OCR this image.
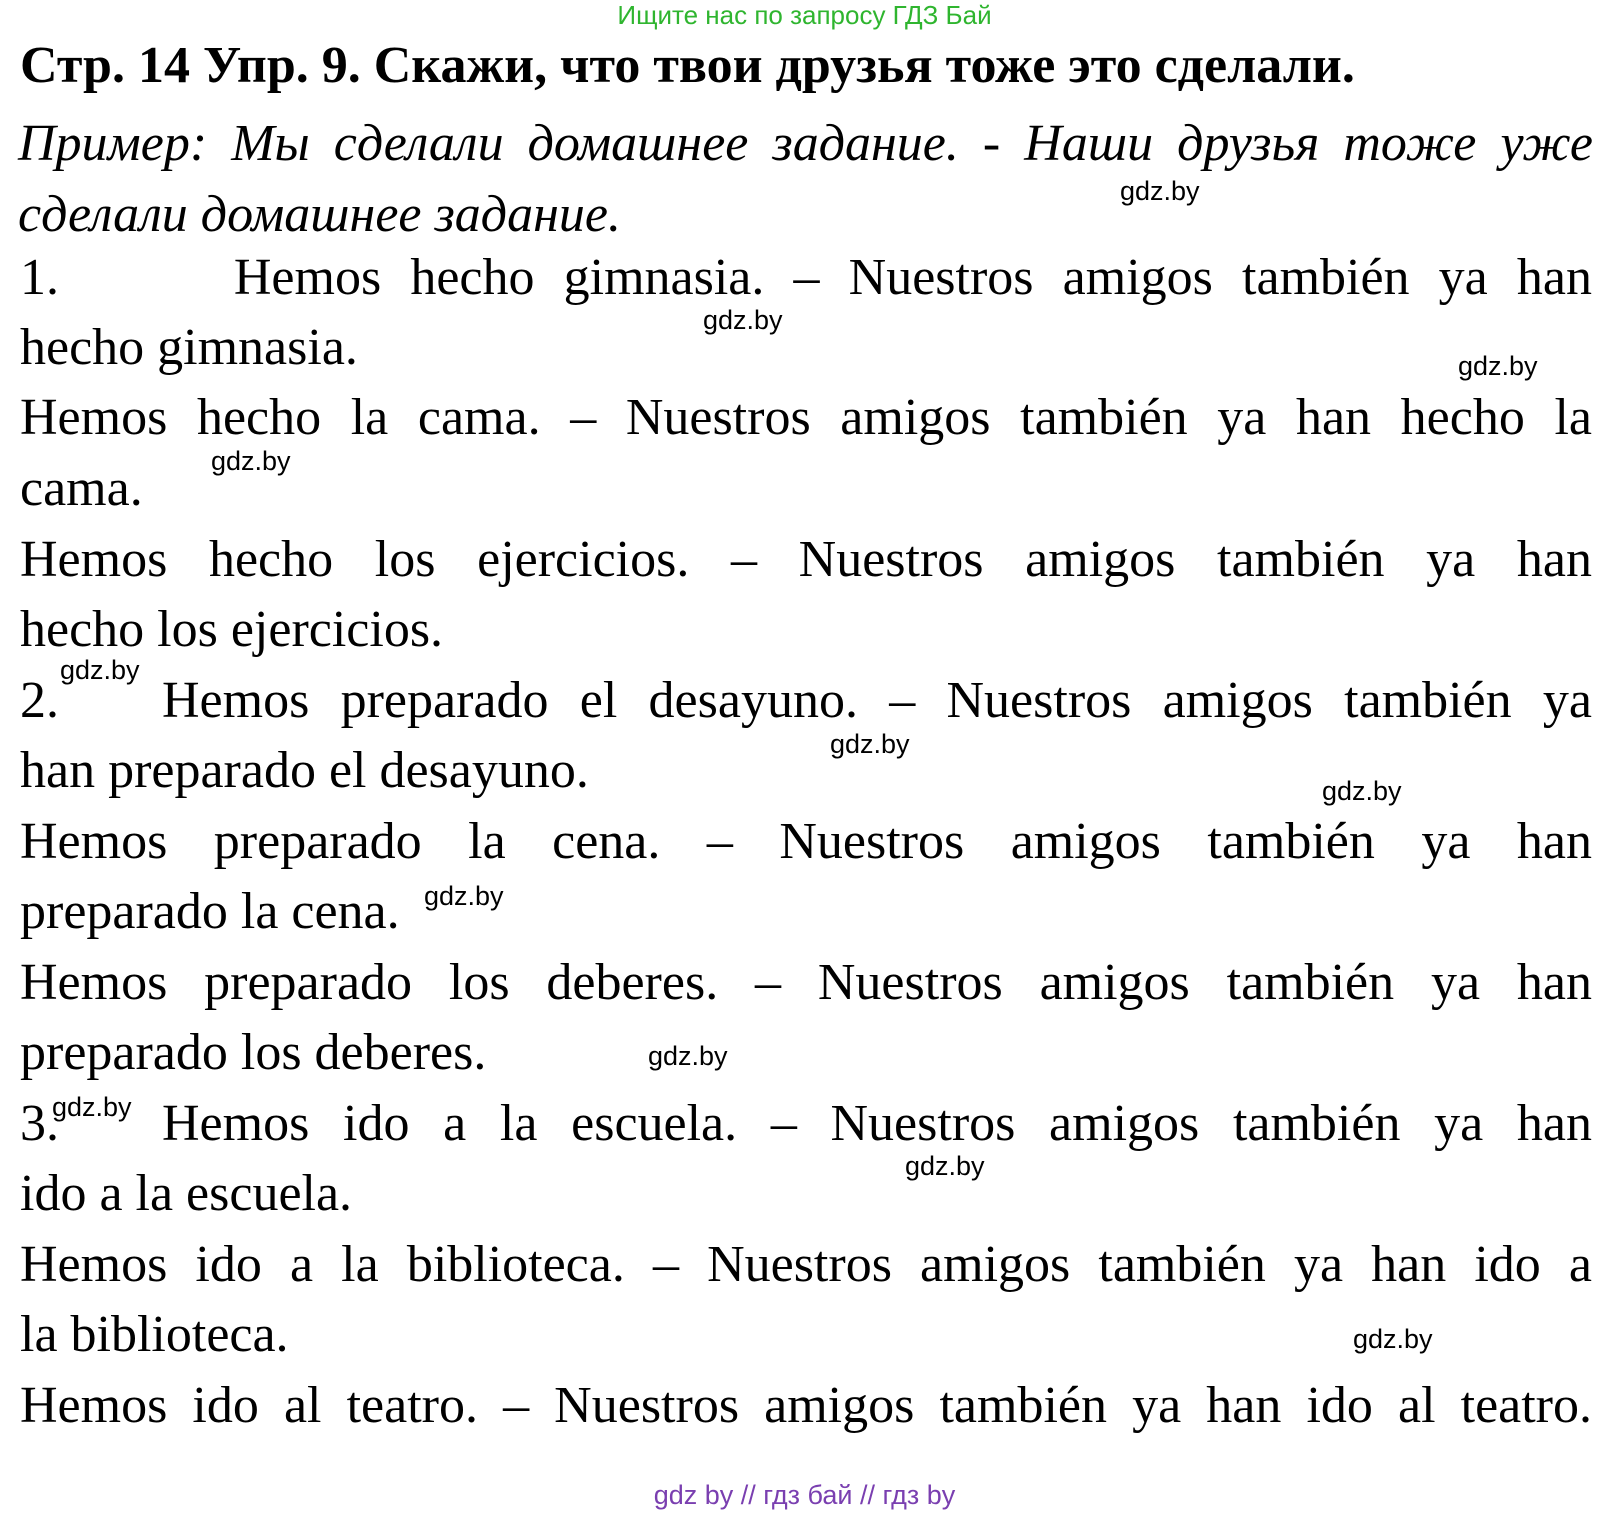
Ищите нас по запросу ГДЗ Бай
Стр. 14 Упр. 9. Скажи, что твои друзья тоже это сделали.
Пример: Мы сделали домашнее задание. - Наши друзья тоже уже сделали домашнее задание.
1.      Hemos hecho gimnasia. – Nuestros amigos también ya han
hecho gimnasia.
Hemos hecho la cama. – Nuestros amigos también ya han hecho la
cama.
Hemos hecho los ejercicios. – Nuestros amigos también ya han
hecho los ejercicios.
2.	Hemos preparado el desayuno. – Nuestros amigos también ya
han preparado el desayuno.
Hemos preparado la cena. – Nuestros amigos también ya han
preparado la cena.
Hemos preparado los deberes. – Nuestros amigos también ya han
preparado los deberes.
3.	Hemos ido a la escuela. – Nuestros amigos también ya han
ido a la escuela.
Hemos ido a la biblioteca. – Nuestros amigos también ya han ido a
la biblioteca.
Hemos ido al teatro. – Nuestros amigos también ya han ido al teatro.
gdz.by
gdz.by
gdz.by
gdz.by
gdz.by
gdz.by
gdz.by
gdz.by
gdz.by
gdz.by
gdz.by
gdz.by
gdz by // гдз бай // гдз by
